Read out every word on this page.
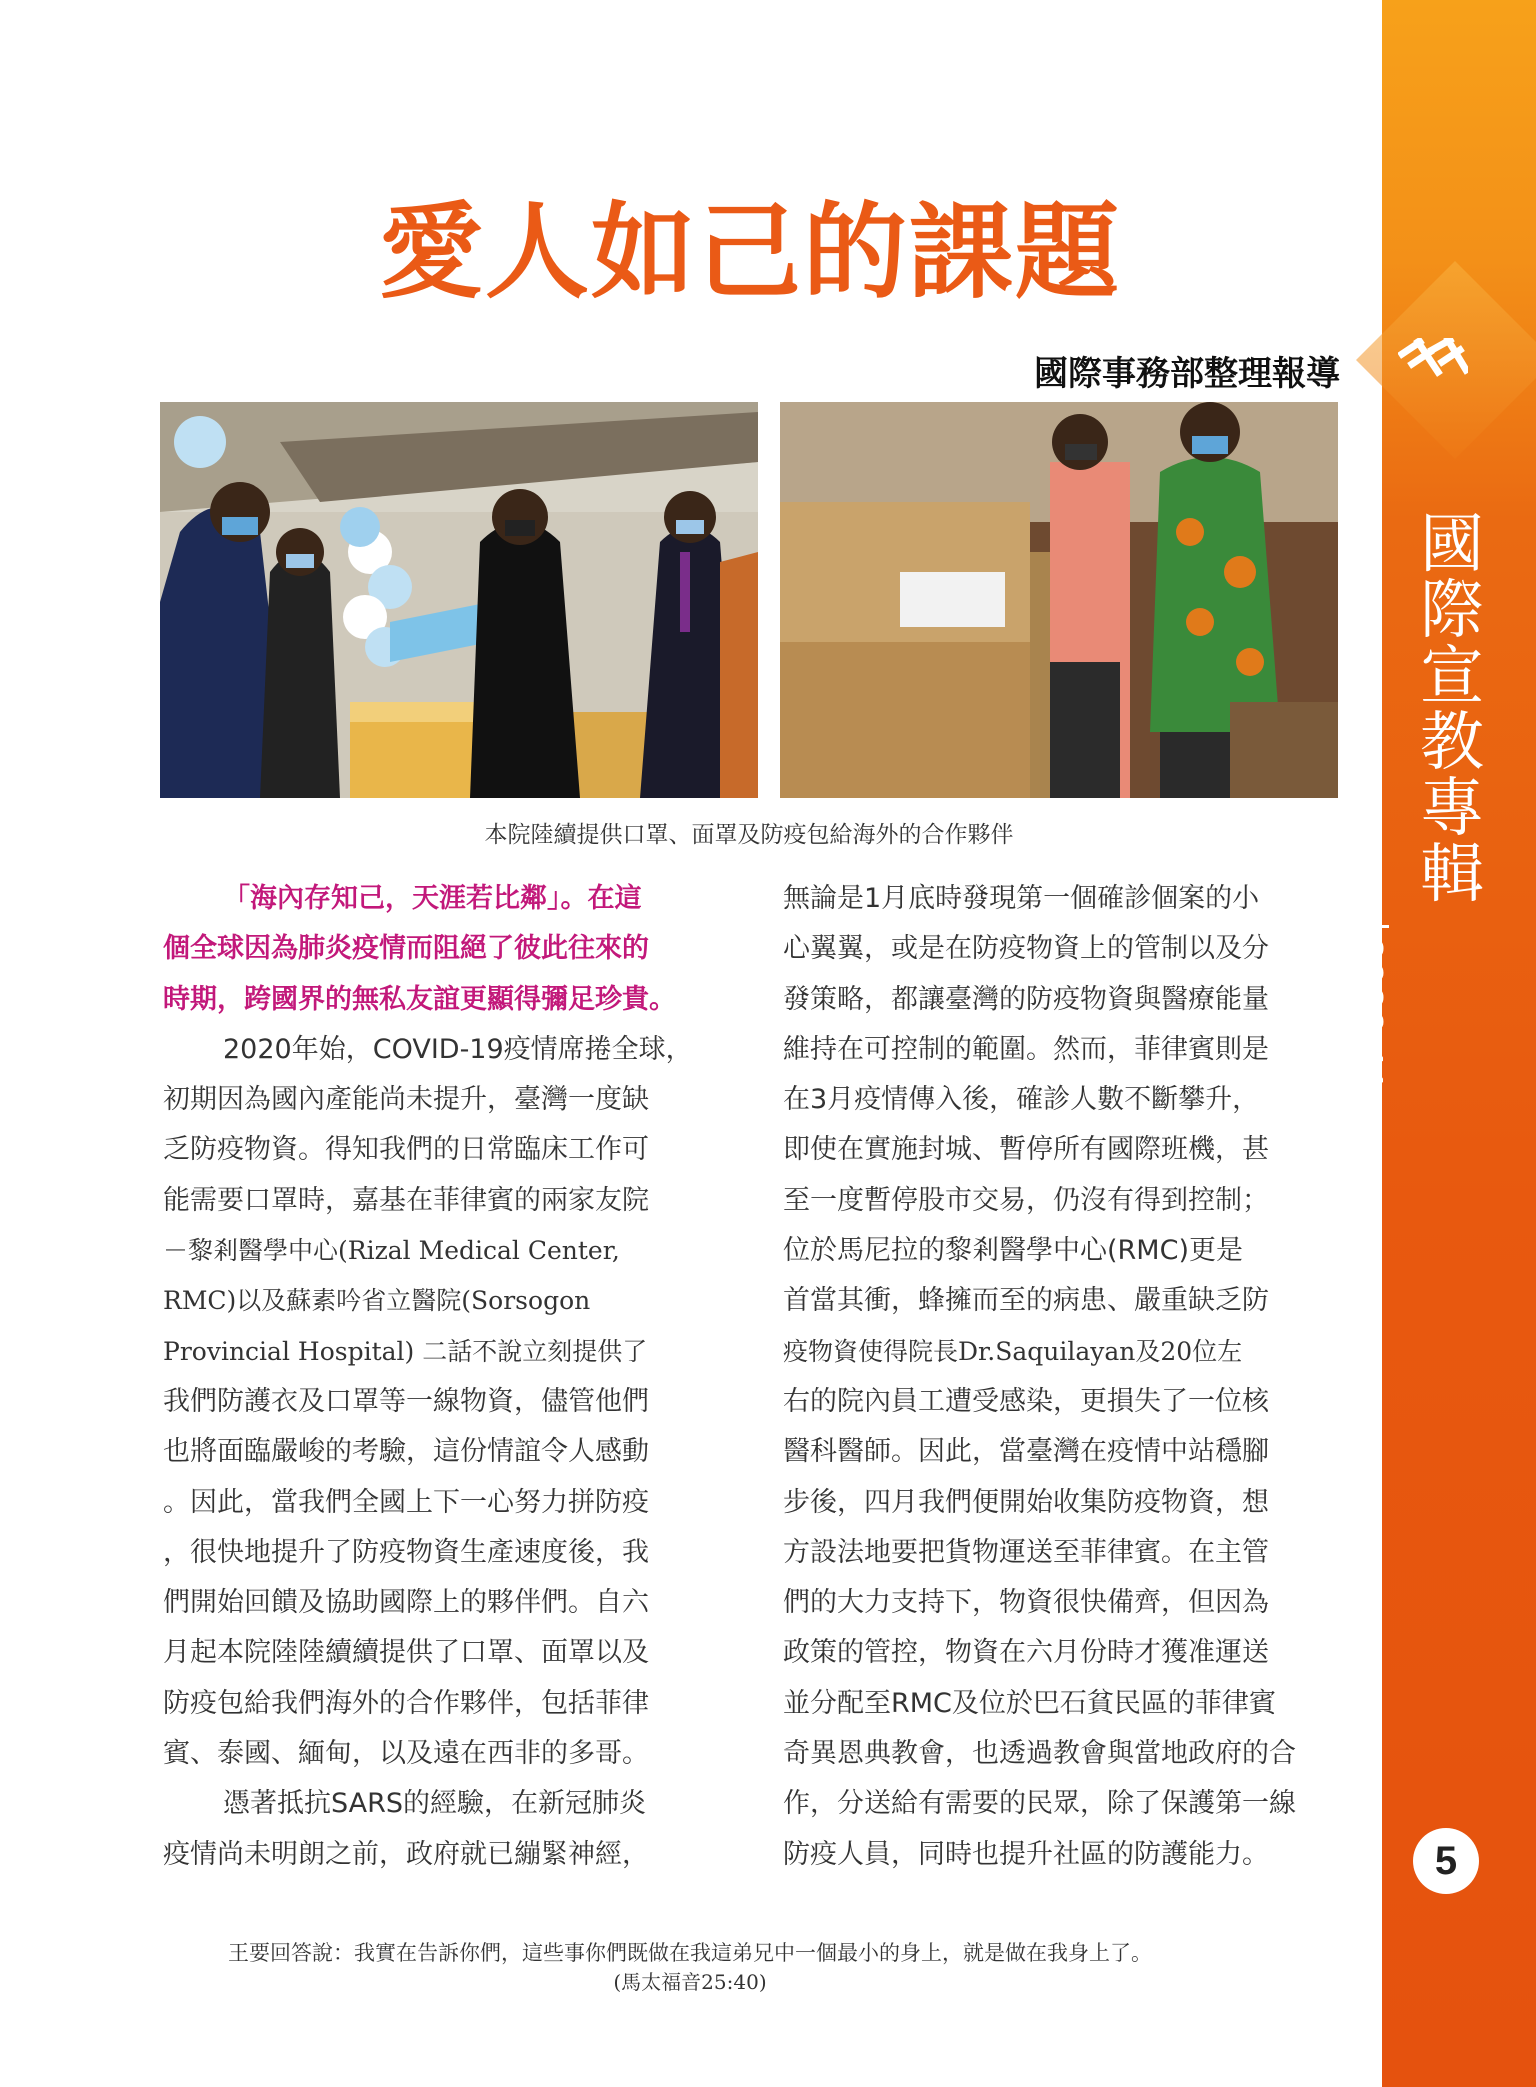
國
際
宣
教
專
輯
2020.11

CHIAYI CHRISTIAN HOSPITAL
5
愛人如己的課題
國際事務部整理報導
本院陸續提供口罩、面罩及防疫包給海外的合作夥伴
「海內存知己，天涯若比鄰」。在這
個全球因為肺炎疫情而阻絕了彼此往來的
時期，跨國界的無私友誼更顯得彌足珍貴。
2020年始，COVID-19疫情席捲全球，
初期因為國內產能尚未提升，臺灣一度缺
乏防疫物資。得知我們的日常臨床工作可
能需要口罩時，嘉基在菲律賓的兩家友院
－黎剎醫學中心(Rizal Medical Center,
RMC)以及蘇素吟省立醫院(Sorsogon
Provincial Hospital) 二話不說立刻提供了
我們防護衣及口罩等一線物資，儘管他們
也將面臨嚴峻的考驗，這份情誼令人感動
。因此，當我們全國上下一心努力拼防疫
，很快地提升了防疫物資生產速度後，我
們開始回饋及協助國際上的夥伴們。自六
月起本院陸陸續續提供了口罩、面罩以及
防疫包給我們海外的合作夥伴，包括菲律
賓、泰國、緬甸，以及遠在西非的多哥。
憑著抵抗SARS的經驗，在新冠肺炎
疫情尚未明朗之前，政府就已繃緊神經，
無論是1月底時發現第一個確診個案的小
心翼翼，或是在防疫物資上的管制以及分
發策略，都讓臺灣的防疫物資與醫療能量
維持在可控制的範圍。然而，菲律賓則是
在3月疫情傳入後，確診人數不斷攀升，
即使在實施封城、暫停所有國際班機，甚
至一度暫停股市交易，仍沒有得到控制；
位於馬尼拉的黎剎醫學中心(RMC)更是
首當其衝，蜂擁而至的病患、嚴重缺乏防
疫物資使得院長Dr.Saquilayan及20位左
右的院內員工遭受感染，更損失了一位核
醫科醫師。因此，當臺灣在疫情中站穩腳
步後，四月我們便開始收集防疫物資，想
方設法地要把貨物運送至菲律賓。在主管
們的大力支持下，物資很快備齊，但因為
政策的管控，物資在六月份時才獲准運送
並分配至RMC及位於巴石貧民區的菲律賓
奇異恩典教會，也透過教會與當地政府的合
作，分送給有需要的民眾，除了保護第一線
防疫人員，同時也提升社區的防護能力。
王要回答說：我實在告訴你們，這些事你們既做在我這弟兄中一個最小的身上，就是做在我身上了。
(馬太福音25:40)
